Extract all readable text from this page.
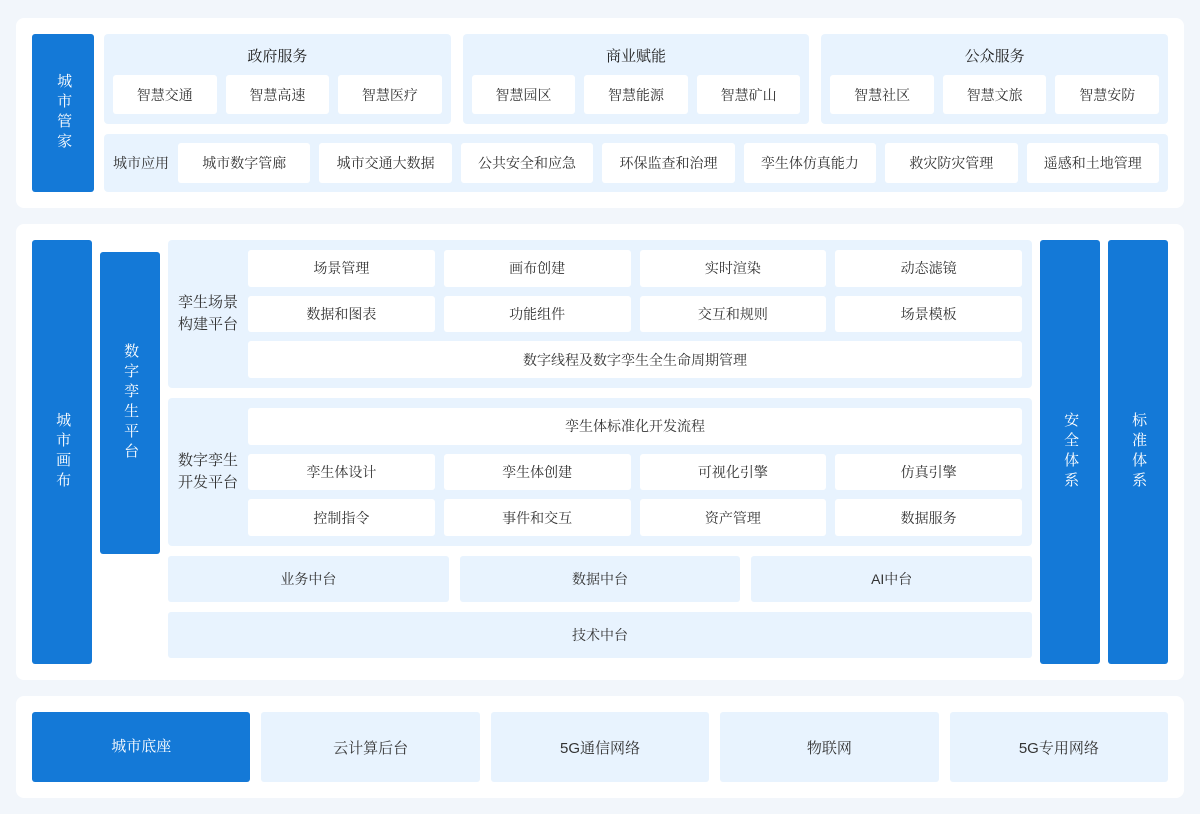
城市管家
政府服务
智慧交通	智慧高速	智慧医疗
商业赋能
智慧园区	智慧能源	智慧矿山
公众服务
智慧社区	智慧文旅	智慧安防
城市应用	城市数字管廊	城市交通大数据	公共安全和应急	环保监查和治理	孪生体仿真能力	救灾防灾管理	遥感和土地管理
城市画布	数字孪生平台
孪生场景构建平台
场景管理	画布创建	实时渲染	动态滤镜
数据和图表	功能组件	交互和规则	场景模板
数字线程及数字孪生全生命周期管理
数字孪生开发平台
孪生体标准化开发流程
孪生体设计	孪生体创建	可视化引擎	仿真引擎
控制指令	事件和交互	资产管理	数据服务
业务中台	数据中台	AI中台
技术中台
安全体系	标准体系
城市底座	云计算后台	5G通信网络	物联网	5G专用网络
